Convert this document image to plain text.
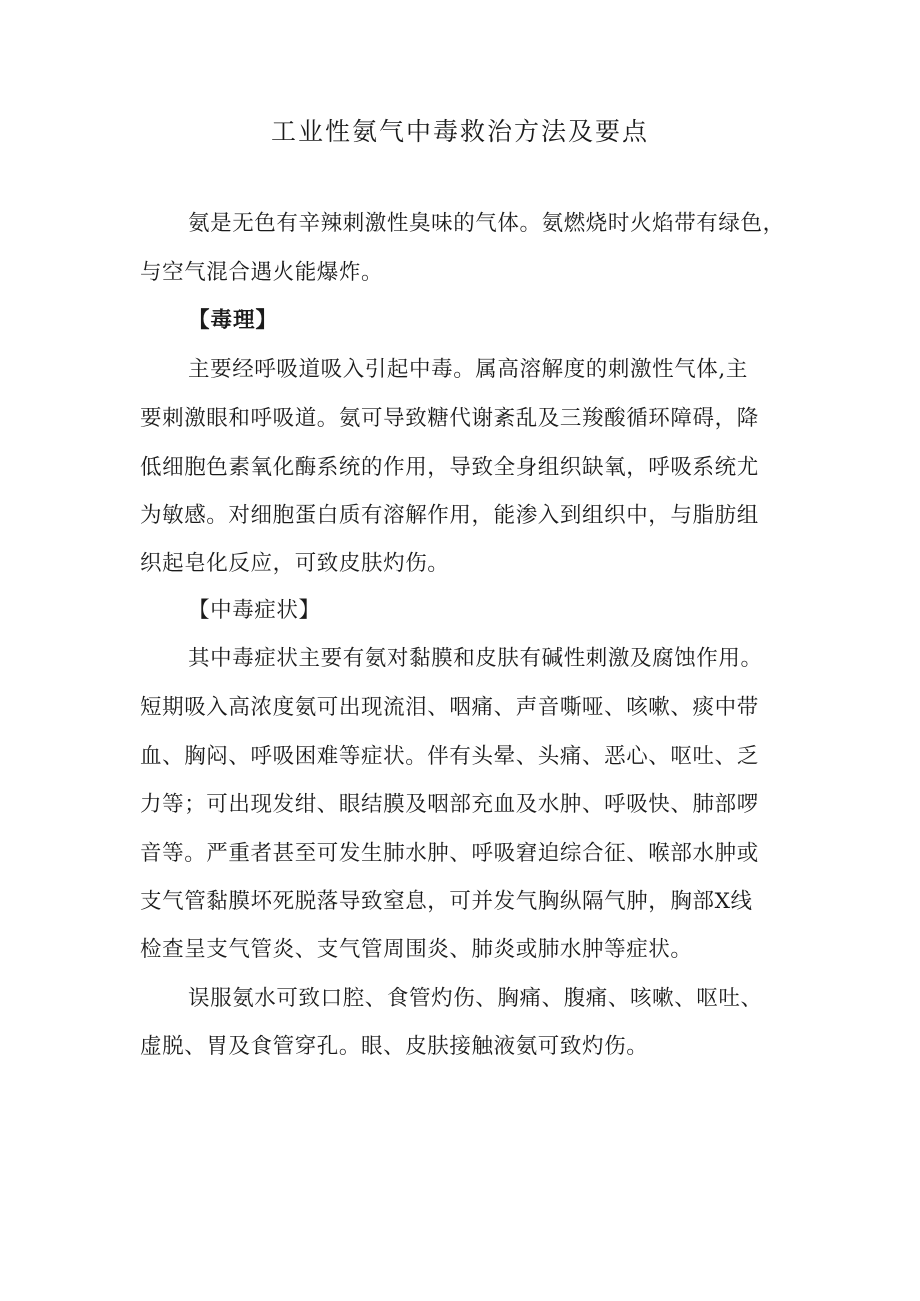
工业性氨气中毒救治方法及要点
氨是无色有辛辣刺激性臭味的气体。氨燃烧时火焰带有绿色，
与空气混合遇火能爆炸。
【毒理】
主要经呼吸道吸入引起中毒。属高溶解度的刺激性气体,主
要刺激眼和呼吸道。氨可导致糖代谢紊乱及三羧酸循环障碍，降
低细胞色素氧化酶系统的作用，导致全身组织缺氧，呼吸系统尤
为敏感。对细胞蛋白质有溶解作用，能渗入到组织中，与脂肪组
织起皂化反应，可致皮肤灼伤。
【中毒症状】
其中毒症状主要有氨对黏膜和皮肤有碱性刺激及腐蚀作用。
短期吸入高浓度氨可出现流泪、咽痛、声音嘶哑、咳嗽、痰中带
血、胸闷、呼吸困难等症状。伴有头晕、头痛、恶心、呕吐、乏
力等；可出现发绀、眼结膜及咽部充血及水肿、呼吸快、肺部啰
音等。严重者甚至可发生肺水肿、呼吸窘迫综合征、喉部水肿或
支气管黏膜坏死脱落导致窒息，可并发气胸纵隔气肿，胸部X线
检查呈支气管炎、支气管周围炎、肺炎或肺水肿等症状。
误服氨水可致口腔、食管灼伤、胸痛、腹痛、咳嗽、呕吐、
虚脱、胃及食管穿孔。眼、皮肤接触液氨可致灼伤。
